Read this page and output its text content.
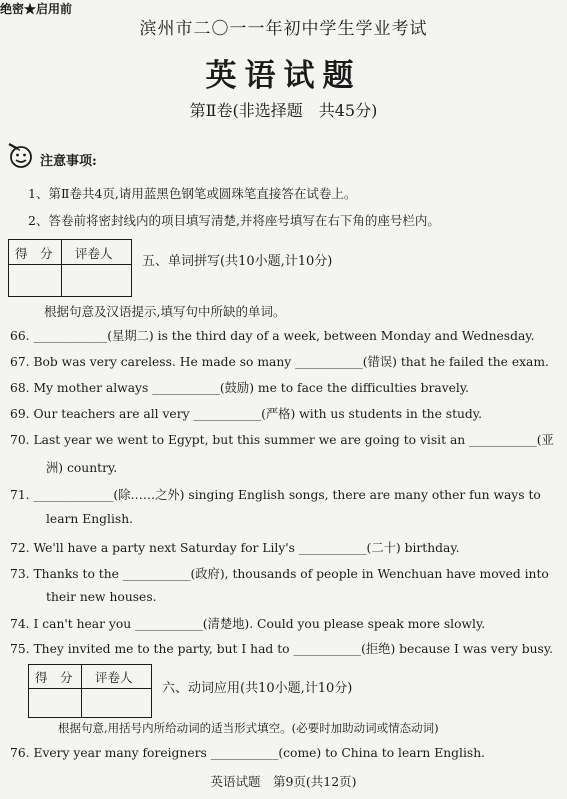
绝密★启用前
滨州市二〇一一年初中学生学业考试
英语试题
第Ⅱ卷(非选择题　共45分)
注意事项:
1、第Ⅱ卷共4页,请用蓝黑色钢笔或圆珠笔直接答在试卷上。
2、答卷前将密封线内的项目填写清楚,并将座号填写在右下角的座号栏内。
得　分 评卷人
五、单词拼写(共10小题,计10分)
根据句意及汉语提示,填写句中所缺的单词。
66. ____________(星期二) is the third day of a week, between Monday and Wednesday.
67. Bob was very careless. He made so many ___________(错误) that he failed the exam.
68. My mother always ___________(鼓励) me to face the difficulties bravely.
69. Our teachers are all very ___________(严格) with us students in the study.
70. Last year we went to Egypt, but this summer we are going to visit an ___________(亚
洲) country.
71. _____________(除……之外) singing English songs, there are many other fun ways to
learn English.
72. We'll have a party next Saturday for Lily's ___________(二十) birthday.
73. Thanks to the ___________(政府), thousands of people in Wenchuan have moved into
their new houses.
74. I can't hear you ___________(清楚地). Could you please speak more slowly.
75. They invited me to the party, but I had to ___________(拒绝) because I was very busy.
得　分 评卷人
六、动词应用(共10小题,计10分)
根据句意,用括号内所给动词的适当形式填空。(必要时加助动词或情态动词)
76. Every year many foreigners ___________(come) to China to learn English.
英语试题　第9页(共12页)
